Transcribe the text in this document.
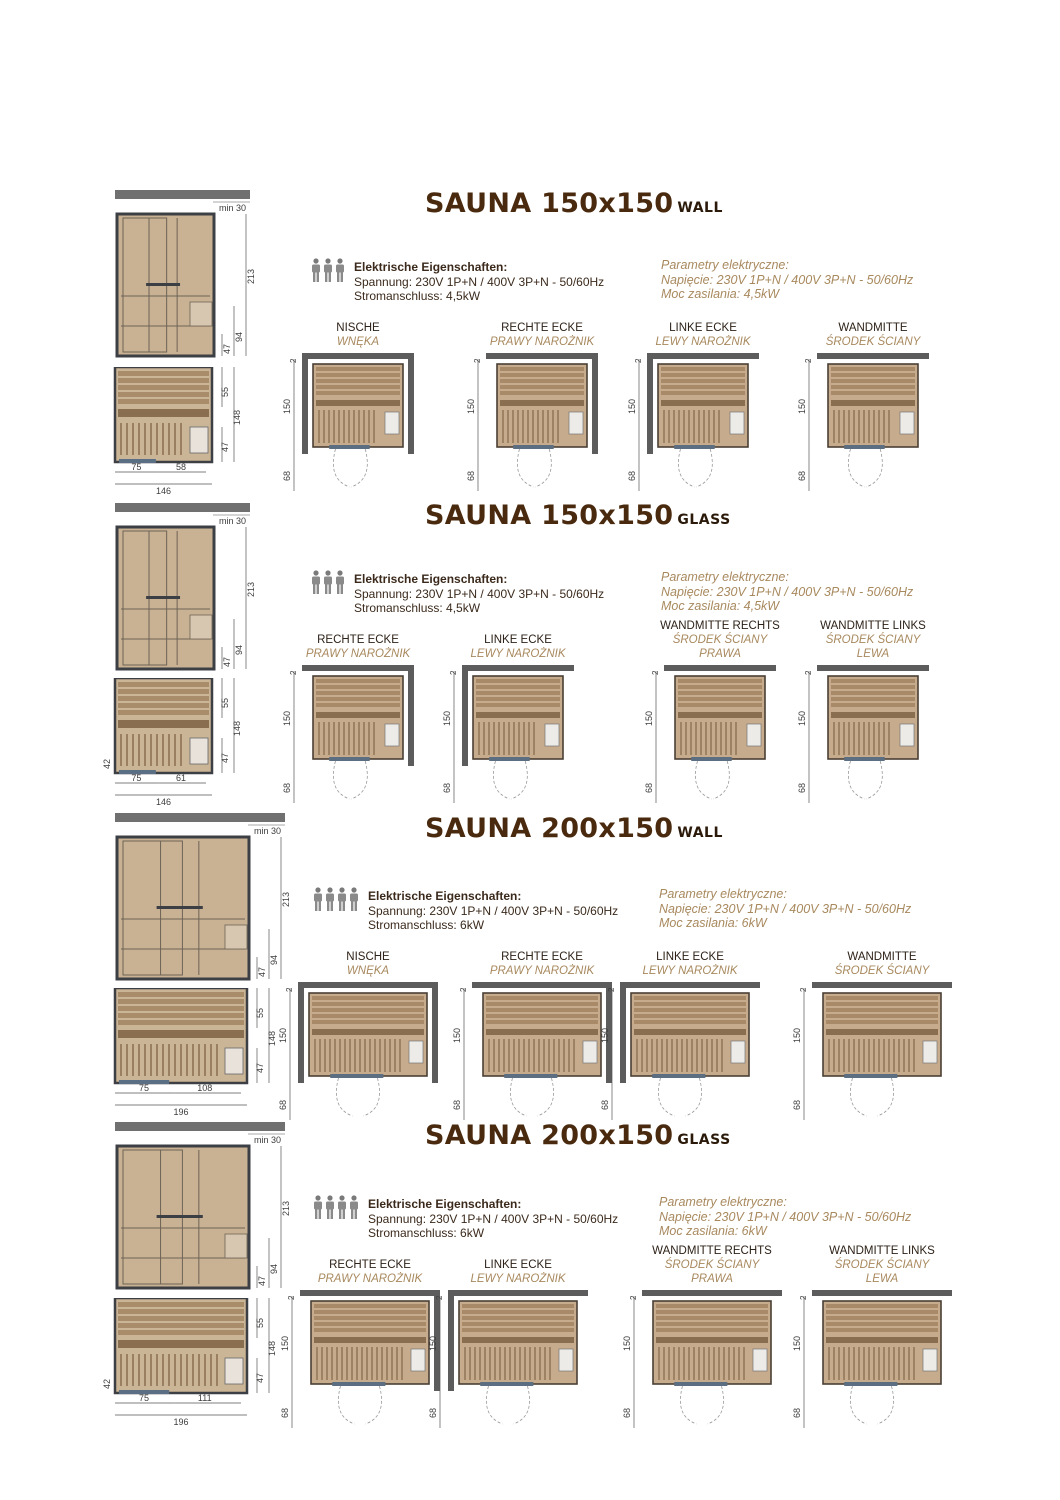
SAUNA 150x150 WALL
Elektrische Eigenschaften:
Spannung: 230V 1P+N / 400V 3P+N - 50/60Hz
Stromanschluss: 4,5kW
Parametry elektryczne:
Napięcie: 230V 1P+N / 400V 3P+N - 50/60Hz
Moc zasilania: 4,5kW
min 30
213
94
47
55
148
47
75	58
146
NISCHE
WNĘKA
150
68
2
RECHTE ECKE
PRAWY NAROŻNIK
150
68
2
LINKE ECKE
LEWY NAROŻNIK
150
68
2
WANDMITTE
ŚRODEK ŚCIANY
150
68
2
SAUNA 150x150 GLASS
Elektrische Eigenschaften:
Spannung: 230V 1P+N / 400V 3P+N - 50/60Hz
Stromanschluss: 4,5kW
Parametry elektryczne:
Napięcie: 230V 1P+N / 400V 3P+N - 50/60Hz
Moc zasilania: 4,5kW
min 30
213
94
47
55
148
47
75	61
146
42
RECHTE ECKE
PRAWY NAROŻNIK
150
68
2
LINKE ECKE
LEWY NAROŻNIK
150
68
2
WANDMITTE RECHTS
ŚRODEK ŚCIANY
PRAWA
150
68
2
WANDMITTE LINKS
ŚRODEK ŚCIANY
LEWA
150
68
2
SAUNA 200x150 WALL
Elektrische Eigenschaften:
Spannung: 230V 1P+N / 400V 3P+N - 50/60Hz
Stromanschluss: 6kW
Parametry elektryczne:
Napięcie: 230V 1P+N / 400V 3P+N - 50/60Hz
Moc zasilania: 6kW
min 30
213
94
47
55
148
47
75	108
196
NISCHE
WNĘKA
150
68
2
RECHTE ECKE
PRAWY NAROŻNIK
150
68
2
LINKE ECKE
LEWY NAROŻNIK
150
68
2
WANDMITTE
ŚRODEK ŚCIANY
150
68
2
SAUNA 200x150 GLASS
Elektrische Eigenschaften:
Spannung: 230V 1P+N / 400V 3P+N - 50/60Hz
Stromanschluss: 6kW
Parametry elektryczne:
Napięcie: 230V 1P+N / 400V 3P+N - 50/60Hz
Moc zasilania: 6kW
min 30
213
94
47
55
148
47
75	111
196
42
RECHTE ECKE
PRAWY NAROŻNIK
150
68
2
LINKE ECKE
LEWY NAROŻNIK
150
68
2
WANDMITTE RECHTS
ŚRODEK ŚCIANY
PRAWA
150
68
2
WANDMITTE LINKS
ŚRODEK ŚCIANY
LEWA
150
68
2
